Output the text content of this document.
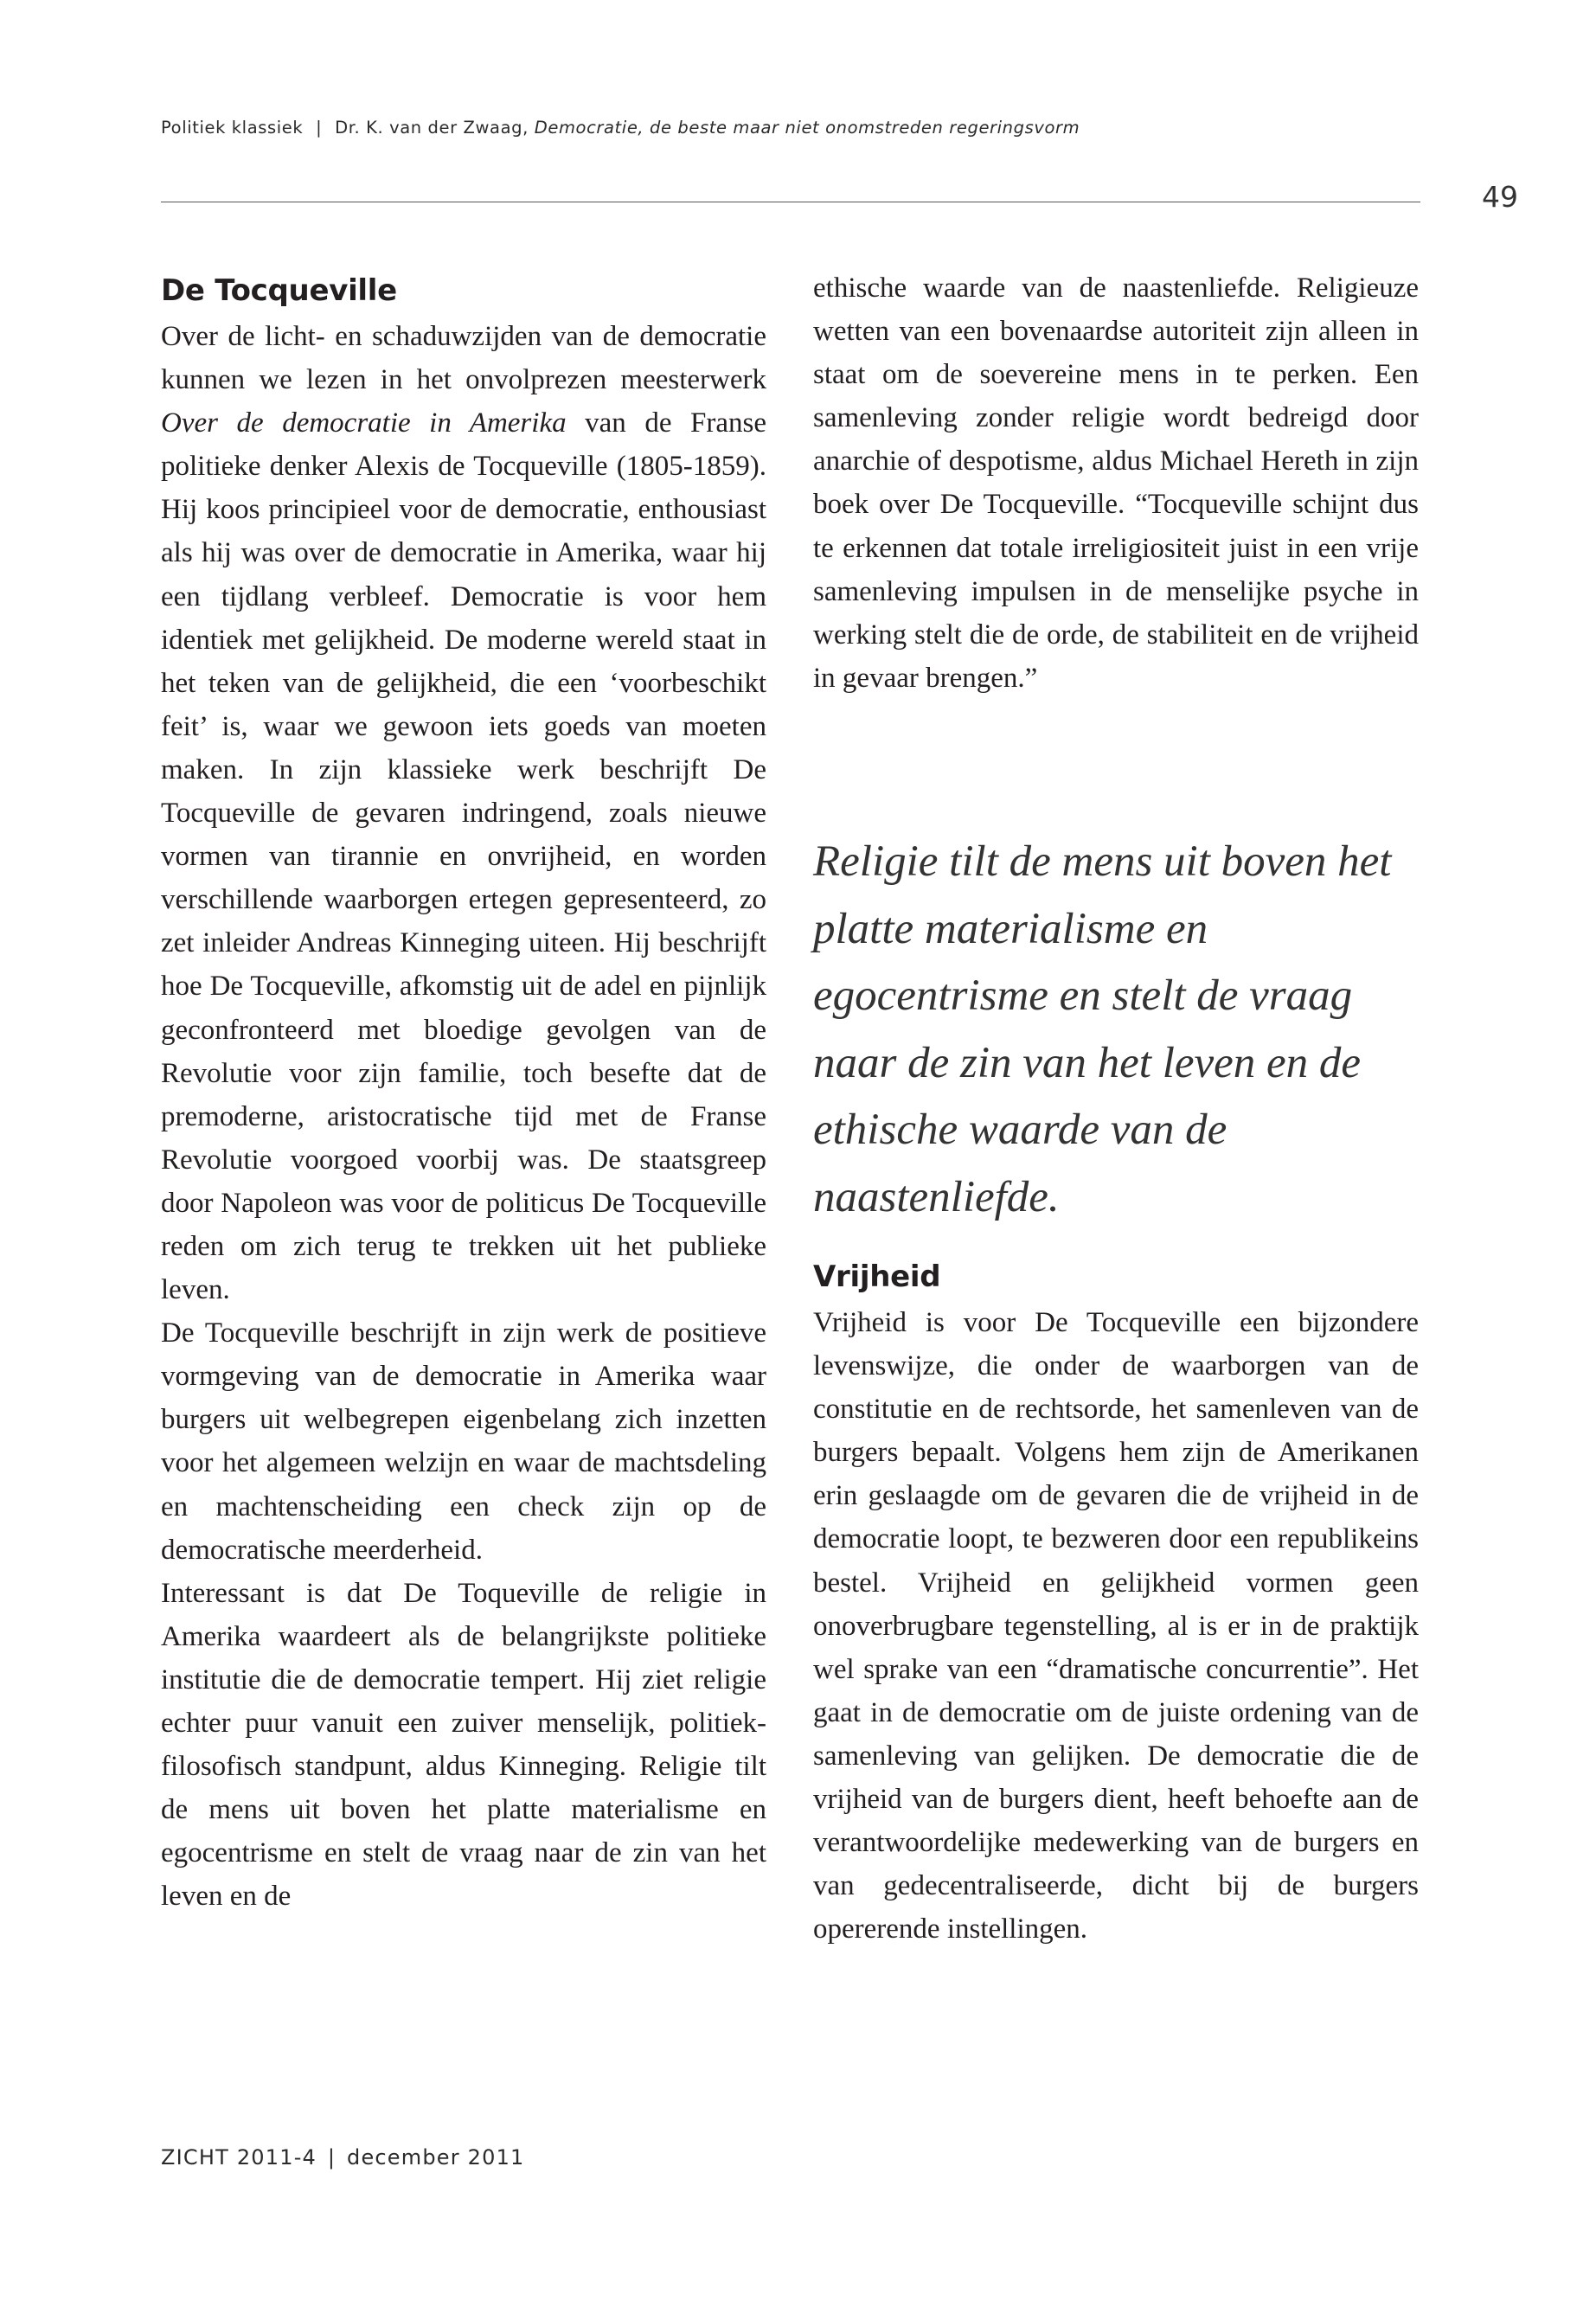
Politiek klassiek | Dr. K. van der Zwaag, Democratie, de beste maar niet onomstreden regeringsvorm
49
De Tocqueville

Over de licht- en schaduwzijden van de democratie kunnen we lezen in het onvolprezen meesterwerk Over de democratie in Amerika van de Franse politieke denker Alexis de Tocqueville (1805-1859). Hij koos principieel voor de democratie, enthousiast als hij was over de democratie in Amerika, waar hij een tijdlang verbleef. Democratie is voor hem identiek met gelijkheid. De moderne wereld staat in het teken van de gelijkheid, die een ‘voorbeschikt feit’ is, waar we gewoon iets goeds van moeten maken. In zijn klassieke werk beschrijft De Tocqueville de gevaren indringend, zoals nieuwe vormen van tirannie en onvrijheid, en worden verschillende waarborgen ertegen gepresenteerd, zo zet inleider Andreas Kinneging uiteen. Hij beschrijft hoe De Tocqueville, afkomstig uit de adel en pijnlijk geconfronteerd met bloedige gevolgen van de Revolutie voor zijn familie, toch besefte dat de premoderne, aristocratische tijd met de Franse Revolutie voorgoed voorbij was. De staatsgreep door Napoleon was voor de politicus De Tocqueville reden om zich terug te trekken uit het publieke leven.

De Tocqueville beschrijft in zijn werk de positieve vormgeving van de democratie in Amerika waar burgers uit welbegrepen eigenbelang zich inzetten voor het algemeen welzijn en waar de machtsdeling en machtenscheiding een check zijn op de democratische meerderheid.

Interessant is dat De Toqueville de religie in Amerika waardeert als de belangrijkste politieke institutie die de democratie tempert. Hij ziet religie echter puur vanuit een zuiver menselijk, politiek-filosofisch standpunt, aldus Kinneging. Religie tilt de mens uit boven het platte materialisme en egocentrisme en stelt de vraag naar de zin van het leven en de

ethische waarde van de naastenliefde. Religieuze wetten van een bovenaardse autoriteit zijn alleen in staat om de soevereine mens in te perken. Een samenleving zonder religie wordt bedreigd door anarchie of despotisme, aldus Michael Hereth in zijn boek over De Tocqueville. “Tocqueville schijnt dus te erkennen dat totale irreligiositeit juist in een vrije samenleving impulsen in de menselijke psyche in werking stelt die de orde, de stabiliteit en de vrijheid in gevaar brengen.”

Religie tilt de mens uit boven het platte materialisme en egocentrisme en stelt de vraag naar de zin van het leven en de ethische waarde van de naastenliefde.

Vrijheid

Vrijheid is voor De Tocqueville een bijzondere levenswijze, die onder de waarborgen van de constitutie en de rechtsorde, het samenleven van de burgers bepaalt. Volgens hem zijn de Amerikanen erin geslaagde om de gevaren die de vrijheid in de democratie loopt, te bezweren door een republikeins bestel. Vrijheid en gelijkheid vormen geen onoverbrugbare tegenstelling, al is er in de praktijk wel sprake van een “dramatische concurrentie”. Het gaat in de democratie om de juiste ordening van de samenleving van gelijken. De democratie die de vrijheid van de burgers dient, heeft behoefte aan de verantwoordelijke medewerking van de burgers en van gedecentraliseerde, dicht bij de burgers opererende instellingen.

ZICHT 2011-4 | december 2011
